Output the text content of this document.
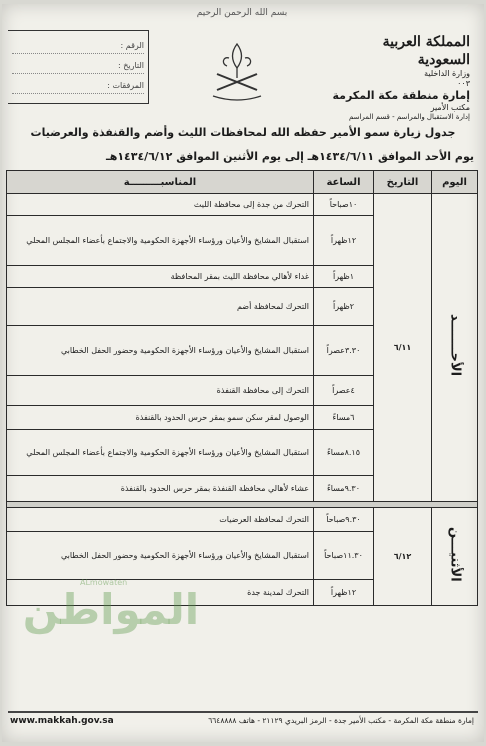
بسم الله الرحمن الرحيم
المملكة العربية السعودية
وزارة الداخلية
٠٠٣
إمارة منطقة مكة المكرمة
مكتب الأمير
إدارة الاستقبال والمراسم - قسم المراسم
الرقم :
التاريخ :
المرفقات :
جدول زيارة سمو الأمير حفظه الله لمحافظات الليث وأضم والقنفذة والعرضيات
يوم الأحد الموافق ١٤٣٤/٦/١١هـ إلى يوم الأثنين الموافق ١٤٣٤/٦/١٢هـ
اليوم	التاريخ	الساعة	المناسبـــــــــة
الأحـــــــد	٦/١١	١٠صباحاً	التحرك من جدة إلى محافظة الليث
		١٢ظهراً	استقبال المشايخ والأعيان ورؤساء الأجهزة الحكومية والاجتماع بأعضاء المجلس المحلي
		١ظهراً	غداء لأهالي محافظة الليث بمقر المحافظة
		٢ظهراً	التحرك لمحافظة أضم
		٣.٣٠عصراً	استقبال المشايخ والأعيان ورؤساء الأجهزة الحكومية وحضور الحفل الخطابي
		٤عصراً	التحرك إلى محافظة القنفذة
		٦مساءً	الوصول لمقر سكن سمو بمقر حرس الحدود بالقنفذة
		٨.١٥مساءً	استقبال المشايخ والأعيان ورؤساء الأجهزة الحكومية والاجتماع بأعضاء المجلس المحلي
		٩.٣٠مساءً	عشاء لأهالي محافظة القنفذة بمقر حرس الحدود بالقنفذة

الأثنيـــن	٦/١٢	٩.٣٠صباحاً	التحرك لمحافظة العرضيات
		١١.٣٠صباحاً	استقبال المشايخ والأعيان ورؤساء الأجهزة الحكومية وحضور الحفل الخطابي
		١٢ظهراً	التحرك لمدينة جدة
ALmowaten
المواطن
www.makkah.gov.sa	إمارة منطقة مكة المكرمة - مكتب الأمير جدة - الرمز البريدي ٢١١٢٩ - هاتف ٦٦٤٨٨٨٨
